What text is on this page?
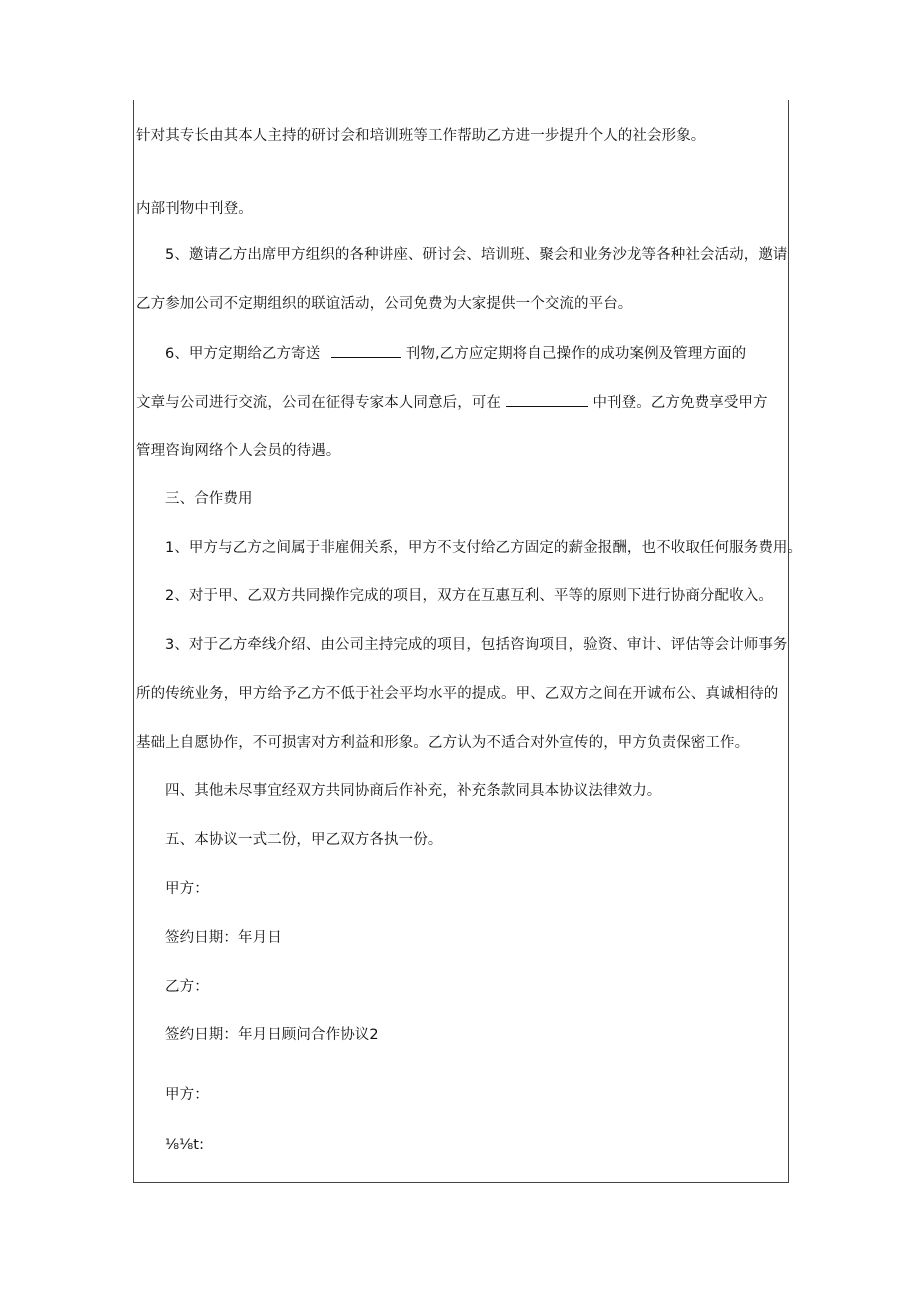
针对其专长由其本人主持的研讨会和培训班等工作帮助乙方进一步提升个人的社会形象。
内部刊物中刊登。
5、邀请乙方出席甲方组织的各种讲座、研讨会、培训班、聚会和业务沙龙等各种社会活动，邀请
乙方参加公司不定期组织的联谊活动，公司免费为大家提供一个交流的平台。
6、甲方定期给乙方寄送	刊物,乙方应定期将自己操作的成功案例及管理方面的
文章与公司进行交流，公司在征得专家本人同意后，可在	中刊登。乙方免费享受甲方
管理咨询网络个人会员的待遇。
三、合作费用
1、甲方与乙方之间属于非雇佣关系，甲方不支付给乙方固定的薪金报酬，也不收取任何服务费用。
2、对于甲、乙双方共同操作完成的项目，双方在互惠互利、平等的原则下进行协商分配收入。
3、对于乙方牵线介绍、由公司主持完成的项目，包括咨询项目，验资、审计、评估等会计师事务
所的传统业务，甲方给予乙方不低于社会平均水平的提成。甲、乙双方之间在开诚布公、真诚相待的
基础上自愿协作，不可损害对方利益和形象。乙方认为不适合对外宣传的，甲方负责保密工作。
四、其他未尽事宜经双方共同协商后作补充，补充条款同具本协议法律效力。
五、本协议一式二份，甲乙双方各执一份。
甲方：
签约日期：年月日
乙方：
签约日期：年月日顾问合作协议2
甲方：
⅛⅛t:
